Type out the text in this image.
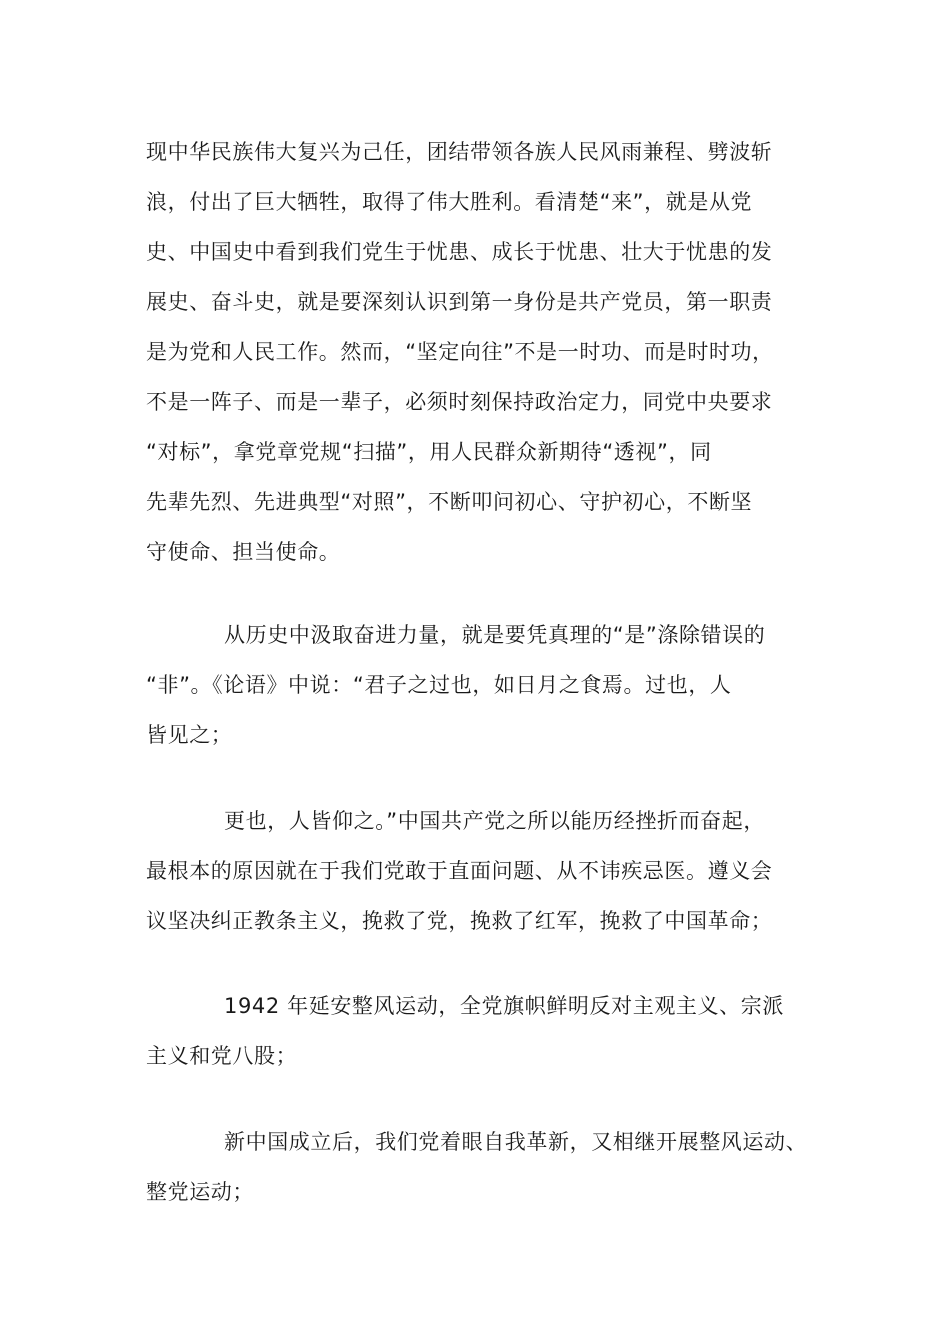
现中华民族伟大复兴为己任，团结带领各族人民风雨兼程、劈波斩
浪，付出了巨大牺牲，取得了伟大胜利。看清楚“来”，就是从党
史、中国史中看到我们党生于忧患、成长于忧患、壮大于忧患的发
展史、奋斗史，就是要深刻认识到第一身份是共产党员，第一职责
是为党和人民工作。然而，“坚定向往”不是一时功、而是时时功，
不是一阵子、而是一辈子，必须时刻保持政治定力，同党中央要求
“对标”，拿党章党规“扫描”，用人民群众新期待“透视”，同
先辈先烈、先进典型“对照”，不断叩问初心、守护初心，不断坚
守使命、担当使命。
从历史中汲取奋进力量，就是要凭真理的“是”涤除错误的
“非”。《论语》中说：“君子之过也，如日月之食焉。过也，人
皆见之；
更也，人皆仰之。”中国共产党之所以能历经挫折而奋起，
最根本的原因就在于我们党敢于直面问题、从不讳疾忌医。遵义会
议坚决纠正教条主义，挽救了党，挽救了红军，挽救了中国革命；
1942 年延安整风运动，全党旗帜鲜明反对主观主义、宗派
主义和党八股；
新中国成立后，我们党着眼自我革新，又相继开展整风运动、
整党运动；
